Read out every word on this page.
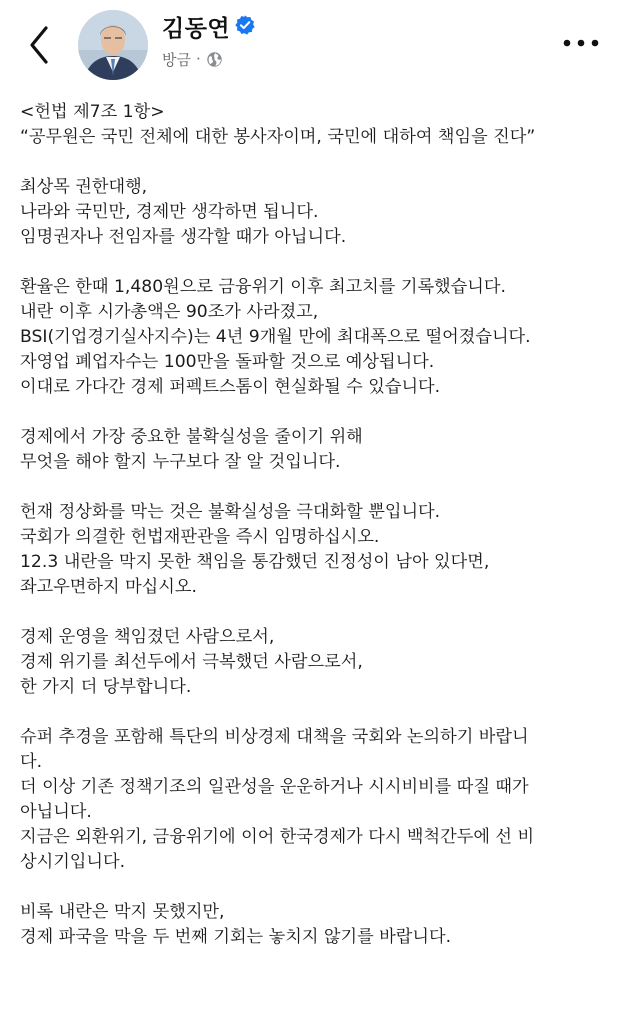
김동연
방금 ·
<헌법 제7조 1항>
“공무원은 국민 전체에 대한 봉사자이며, 국민에 대하여 책임을 진다”
최상목 권한대행,
나라와 국민만, 경제만 생각하면 됩니다.
임명권자나 전임자를 생각할 때가 아닙니다.
환율은 한때 1,480원으로 금융위기 이후 최고치를 기록했습니다.
내란 이후 시가총액은 90조가 사라졌고,
BSI(기업경기실사지수)는 4년 9개월 만에 최대폭으로 떨어졌습니다.
자영업 폐업자수는 100만을 돌파할 것으로 예상됩니다.
이대로 가다간 경제 퍼펙트스톰이 현실화될 수 있습니다.
경제에서 가장 중요한 불확실성을 줄이기 위해
무엇을 해야 할지 누구보다 잘 알 것입니다.
헌재 정상화를 막는 것은 불확실성을 극대화할 뿐입니다.
국회가 의결한 헌법재판관을 즉시 임명하십시오.
12.3 내란을 막지 못한 책임을 통감했던 진정성이 남아 있다면,
좌고우면하지 마십시오.
경제 운영을 책임졌던 사람으로서,
경제 위기를 최선두에서 극복했던 사람으로서,
한 가지 더 당부합니다.
슈퍼 추경을 포함해 특단의 비상경제 대책을 국회와 논의하기 바랍니
다.
더 이상 기존 정책기조의 일관성을 운운하거나 시시비비를 따질 때가
아닙니다.
지금은 외환위기, 금융위기에 이어 한국경제가 다시 백척간두에 선 비
상시기입니다.
비록 내란은 막지 못했지만,
경제 파국을 막을 두 번째 기회는 놓치지 않기를 바랍니다.
